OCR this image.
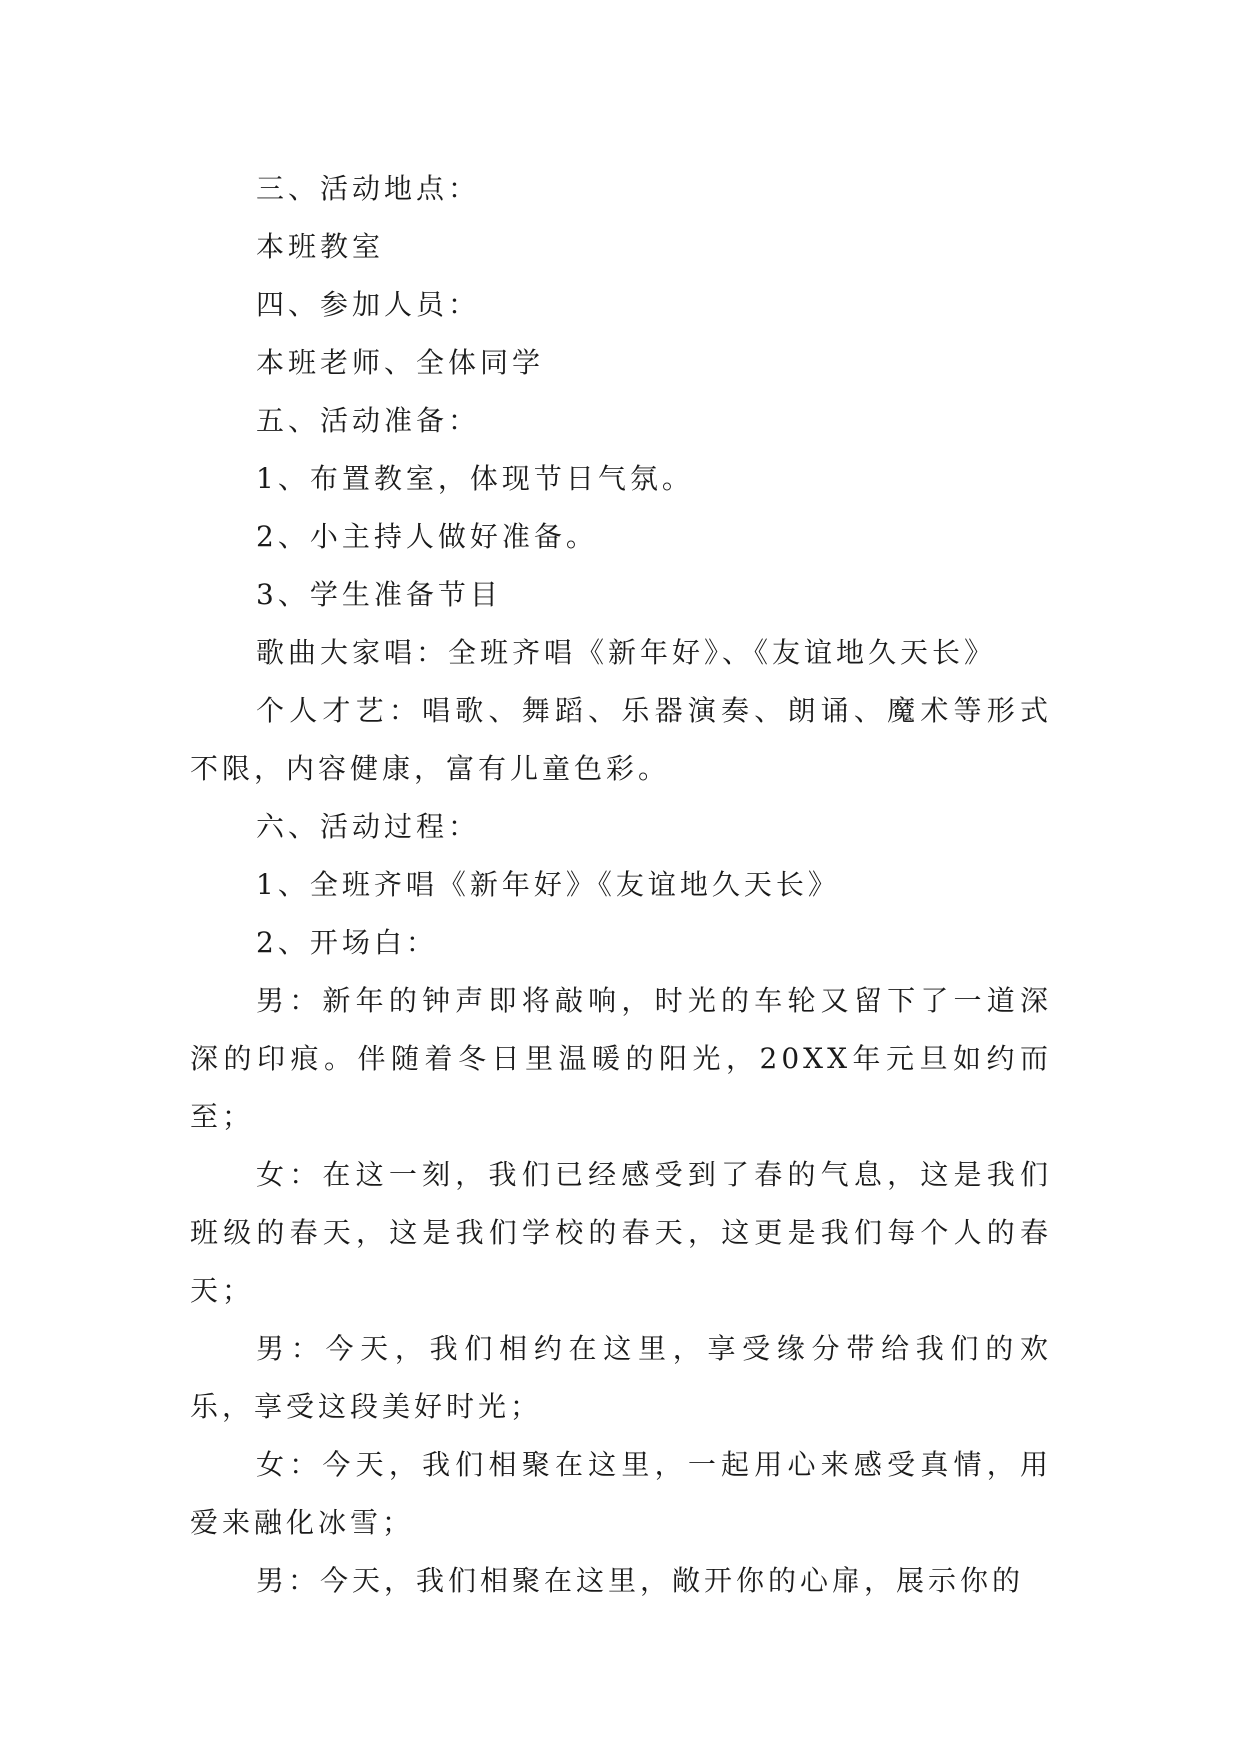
三、活动地点：

本班教室

四、参加人员：

本班老师、全体同学

五、活动准备：

1、布置教室，体现节日气氛。

2、小主持人做好准备。

3、学生准备节目

歌曲大家唱：全班齐唱《新年好》、《友谊地久天长》

个人才艺：唱歌、舞蹈、乐器演奏、朗诵、魔术等形式不限，内容健康，富有儿童色彩。

六、活动过程：

1、全班齐唱《新年好》《友谊地久天长》

2、开场白：

男：新年的钟声即将敲响，时光的车轮又留下了一道深深的印痕。伴随着冬日里温暖的阳光，20XX年元旦如约而至；

女：在这一刻，我们已经感受到了春的气息，这是我们班级的春天，这是我们学校的春天，这更是我们每个人的春天；

男：今天，我们相约在这里，享受缘分带给我们的欢乐，享受这段美好时光；

女：今天，我们相聚在这里，一起用心来感受真情，用爱来融化冰雪；

男：今天，我们相聚在这里，敞开你的心扉，展示你的
